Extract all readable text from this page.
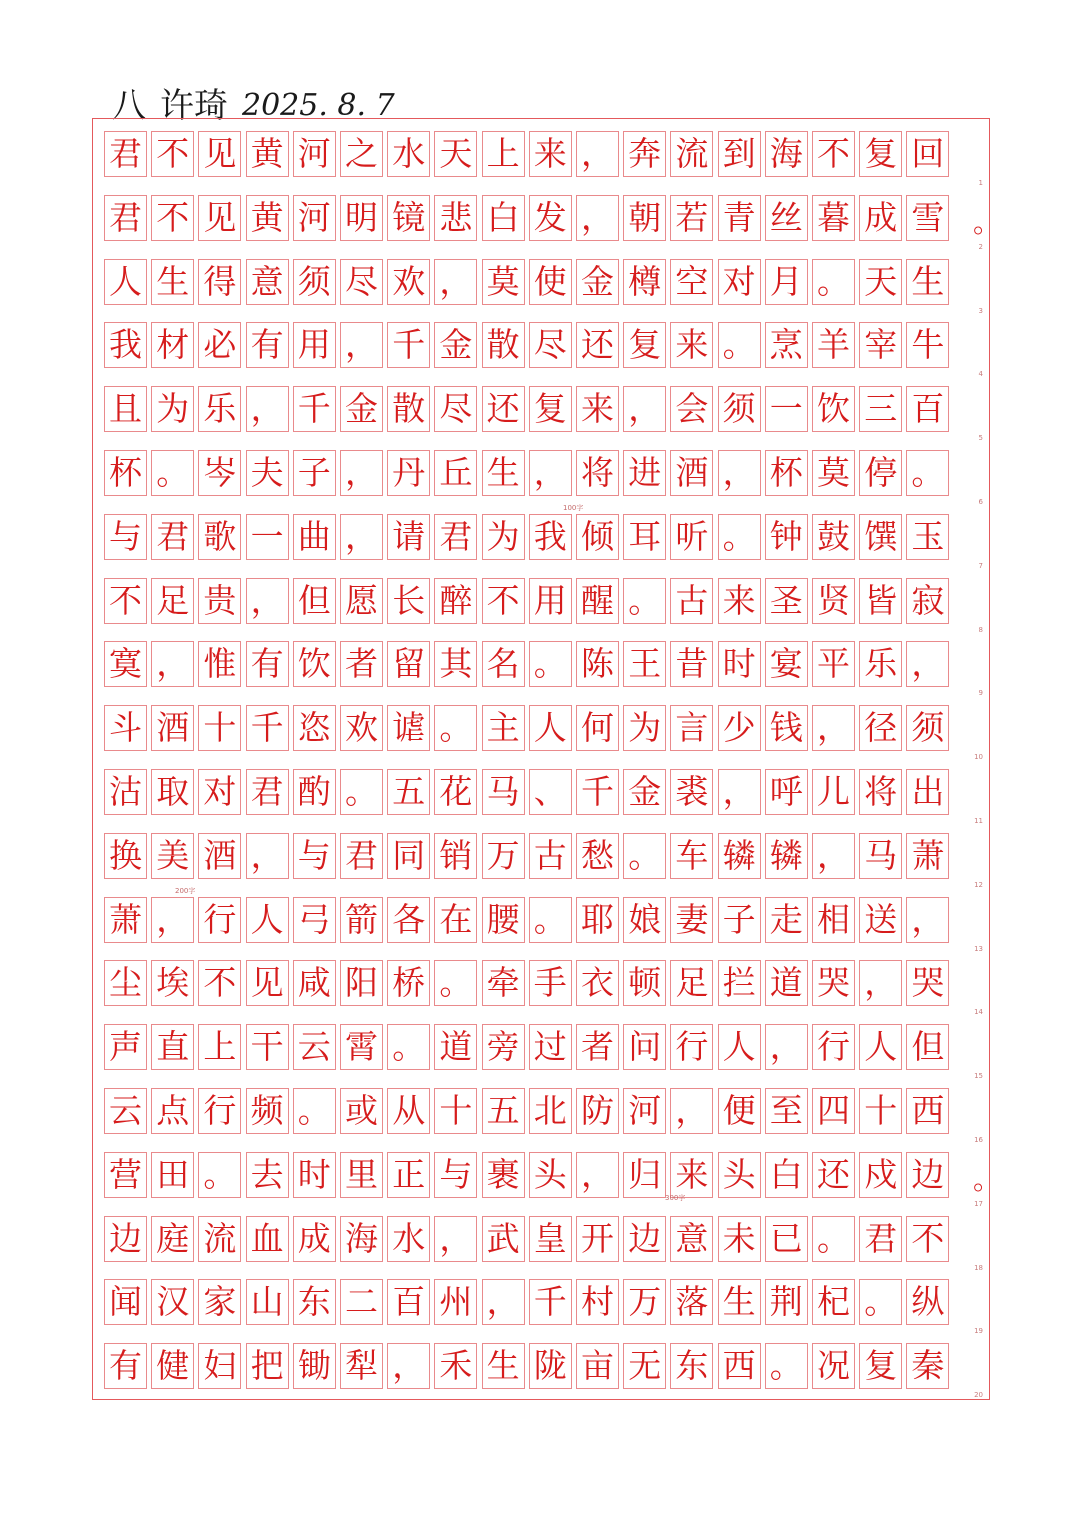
八 许琦 2025. 8. 7
君 不 见 黄 河 之 水 天 上 来 ， 奔 流 到 海 不 复 回
1
君 不 见 黄 河 明 镜 悲 白 发 ， 朝 若 青 丝 暮 成 雪 。
2
人 生 得 意 须 尽 欢 ， 莫 使 金 樽 空 对 月 。 天 生
3
我 材 必 有 用 ， 千 金 散 尽 还 复 来 。 烹 羊 宰 牛
4
且 为 乐 ， 千 金 散 尽 还 复 来 ， 会 须 一 饮 三 百
5
杯 。 岑 夫 子 ， 丹 丘 生 ， 将 进 酒 ， 杯 莫 停 。
6
与 君 歌 一 曲 ， 请 君 为 我 倾 耳 听 。 钟 鼓 馔 玉
7
不 足 贵 ， 但 愿 长 醉 不 用 醒 。 古 来 圣 贤 皆 寂
8
寞 ， 惟 有 饮 者 留 其 名 。 陈 王 昔 时 宴 平 乐 ，
9
斗 酒 十 千 恣 欢 谑 。 主 人 何 为 言 少 钱 ， 径 须
10
沽 取 对 君 酌 。 五 花 马 、 千 金 裘 ， 呼 儿 将 出
11
换 美 酒 ， 与 君 同 销 万 古 愁 。 车 辚 辚 ， 马 萧
12
萧 ， 行 人 弓 箭 各 在 腰 。 耶 娘 妻 子 走 相 送 ，
13
尘 埃 不 见 咸 阳 桥 。 牵 手 衣 顿 足 拦 道 哭 ， 哭
14
声 直 上 干 云 霄 。 道 旁 过 者 问 行 人 ， 行 人 但
15
云 点 行 频 。 或 从 十 五 北 防 河 ， 便 至 四 十 西
16
营 田 。 去 时 里 正 与 裹 头 ， 归 来 头 白 还 戍 边 。
17
边 庭 流 血 成 海 水 ， 武 皇 开 边 意 未 已 。 君 不
18
闻 汉 家 山 东 二 百 州 ， 千 村 万 落 生 荆 杞 。 纵
19
有 健 妇 把 锄 犁 ， 禾 生 陇 亩 无 东 西 。 况 复 秦
20
100字
200字
300字
